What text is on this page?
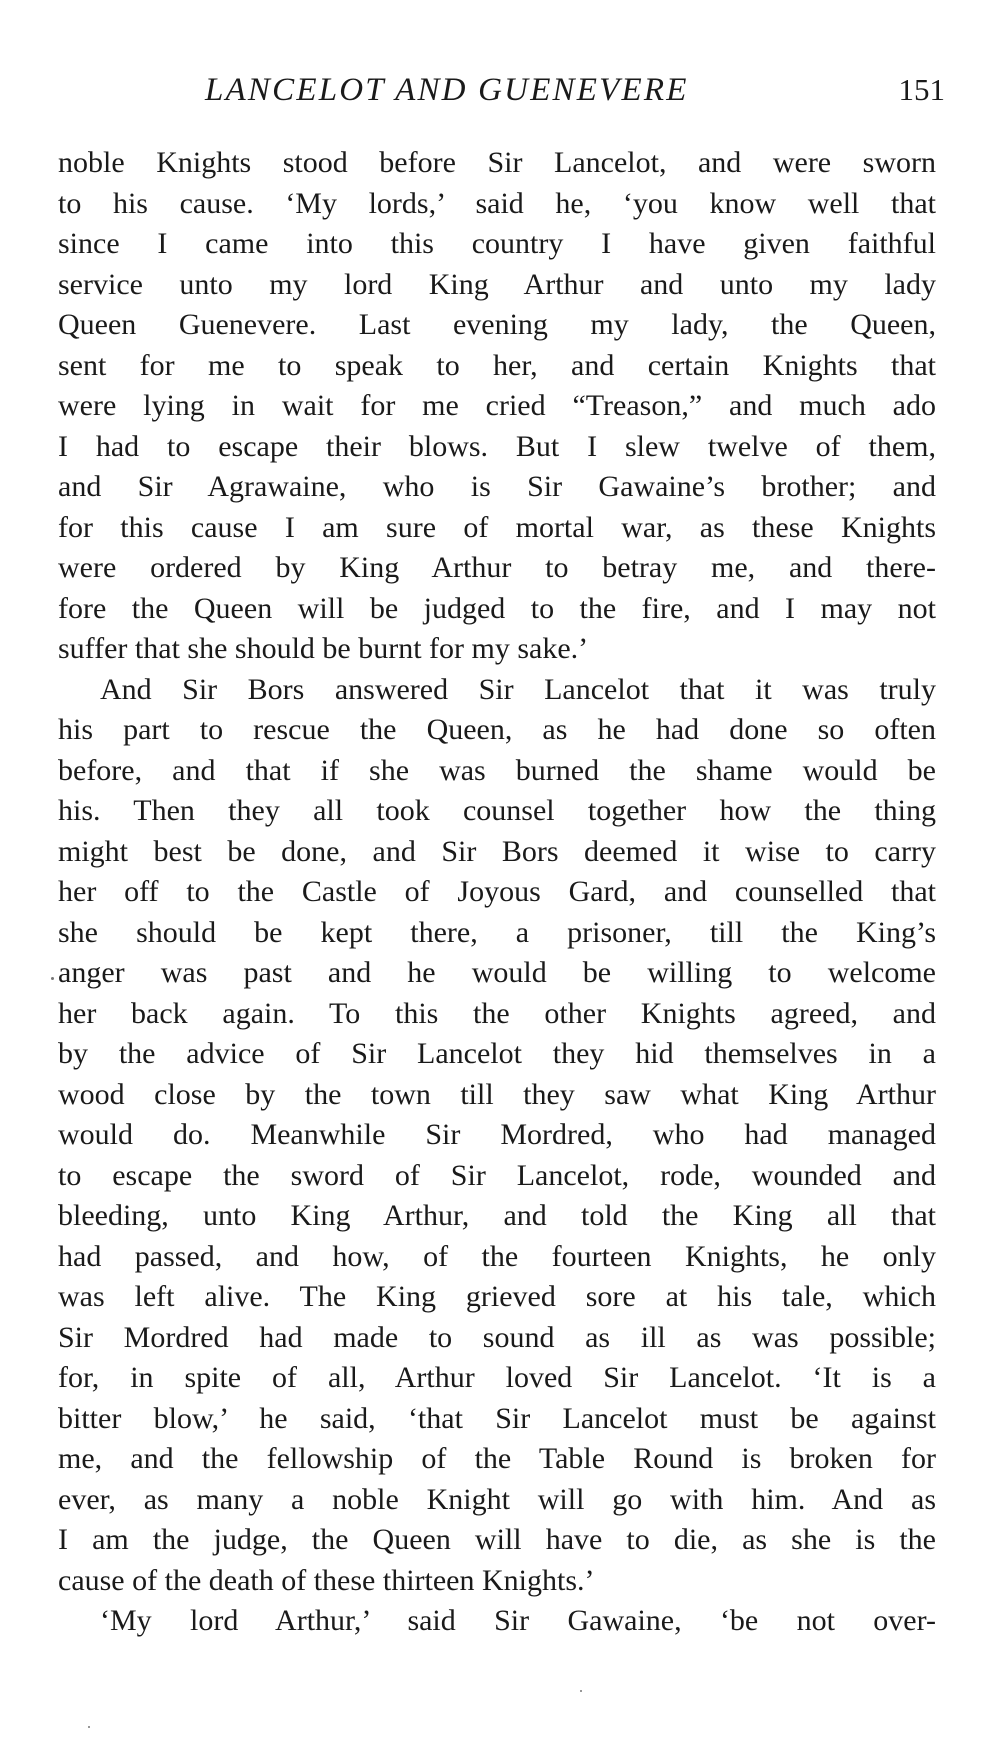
LANCELOT AND GUENEVERE	151
noble Knights stood before Sir Lancelot, and were sworn
to his cause. ‘My lords,’ said he, ‘you know well that
since I came into this country I have given faithful
service unto my lord King Arthur and unto my lady
Queen Guenevere. Last evening my lady, the Queen,
sent for me to speak to her, and certain Knights that
were lying in wait for me cried “Treason,” and much ado
I had to escape their blows. But I slew twelve of them,
and Sir Agrawaine, who is Sir Gawaine’s brother; and
for this cause I am sure of mortal war, as these Knights
were ordered by King Arthur to betray me, and there-
fore the Queen will be judged to the fire, and I may not
suffer that she should be burnt for my sake.’
And Sir Bors answered Sir Lancelot that it was truly
his part to rescue the Queen, as he had done so often
before, and that if she was burned the shame would be
his. Then they all took counsel together how the thing
might best be done, and Sir Bors deemed it wise to carry
her off to the Castle of Joyous Gard, and counselled that
she should be kept there, a prisoner, till the King’s
anger was past and he would be willing to welcome
her back again. To this the other Knights agreed, and
by the advice of Sir Lancelot they hid themselves in a
wood close by the town till they saw what King Arthur
would do. Meanwhile Sir Mordred, who had managed
to escape the sword of Sir Lancelot, rode, wounded and
bleeding, unto King Arthur, and told the King all that
had passed, and how, of the fourteen Knights, he only
was left alive. The King grieved sore at his tale, which
Sir Mordred had made to sound as ill as was possible;
for, in spite of all, Arthur loved Sir Lancelot. ‘It is a
bitter blow,’ he said, ‘that Sir Lancelot must be against
me, and the fellowship of the Table Round is broken for
ever, as many a noble Knight will go with him. And as
I am the judge, the Queen will have to die, as she is the
cause of the death of these thirteen Knights.’
‘My lord Arthur,’ said Sir Gawaine, ‘be not over-
